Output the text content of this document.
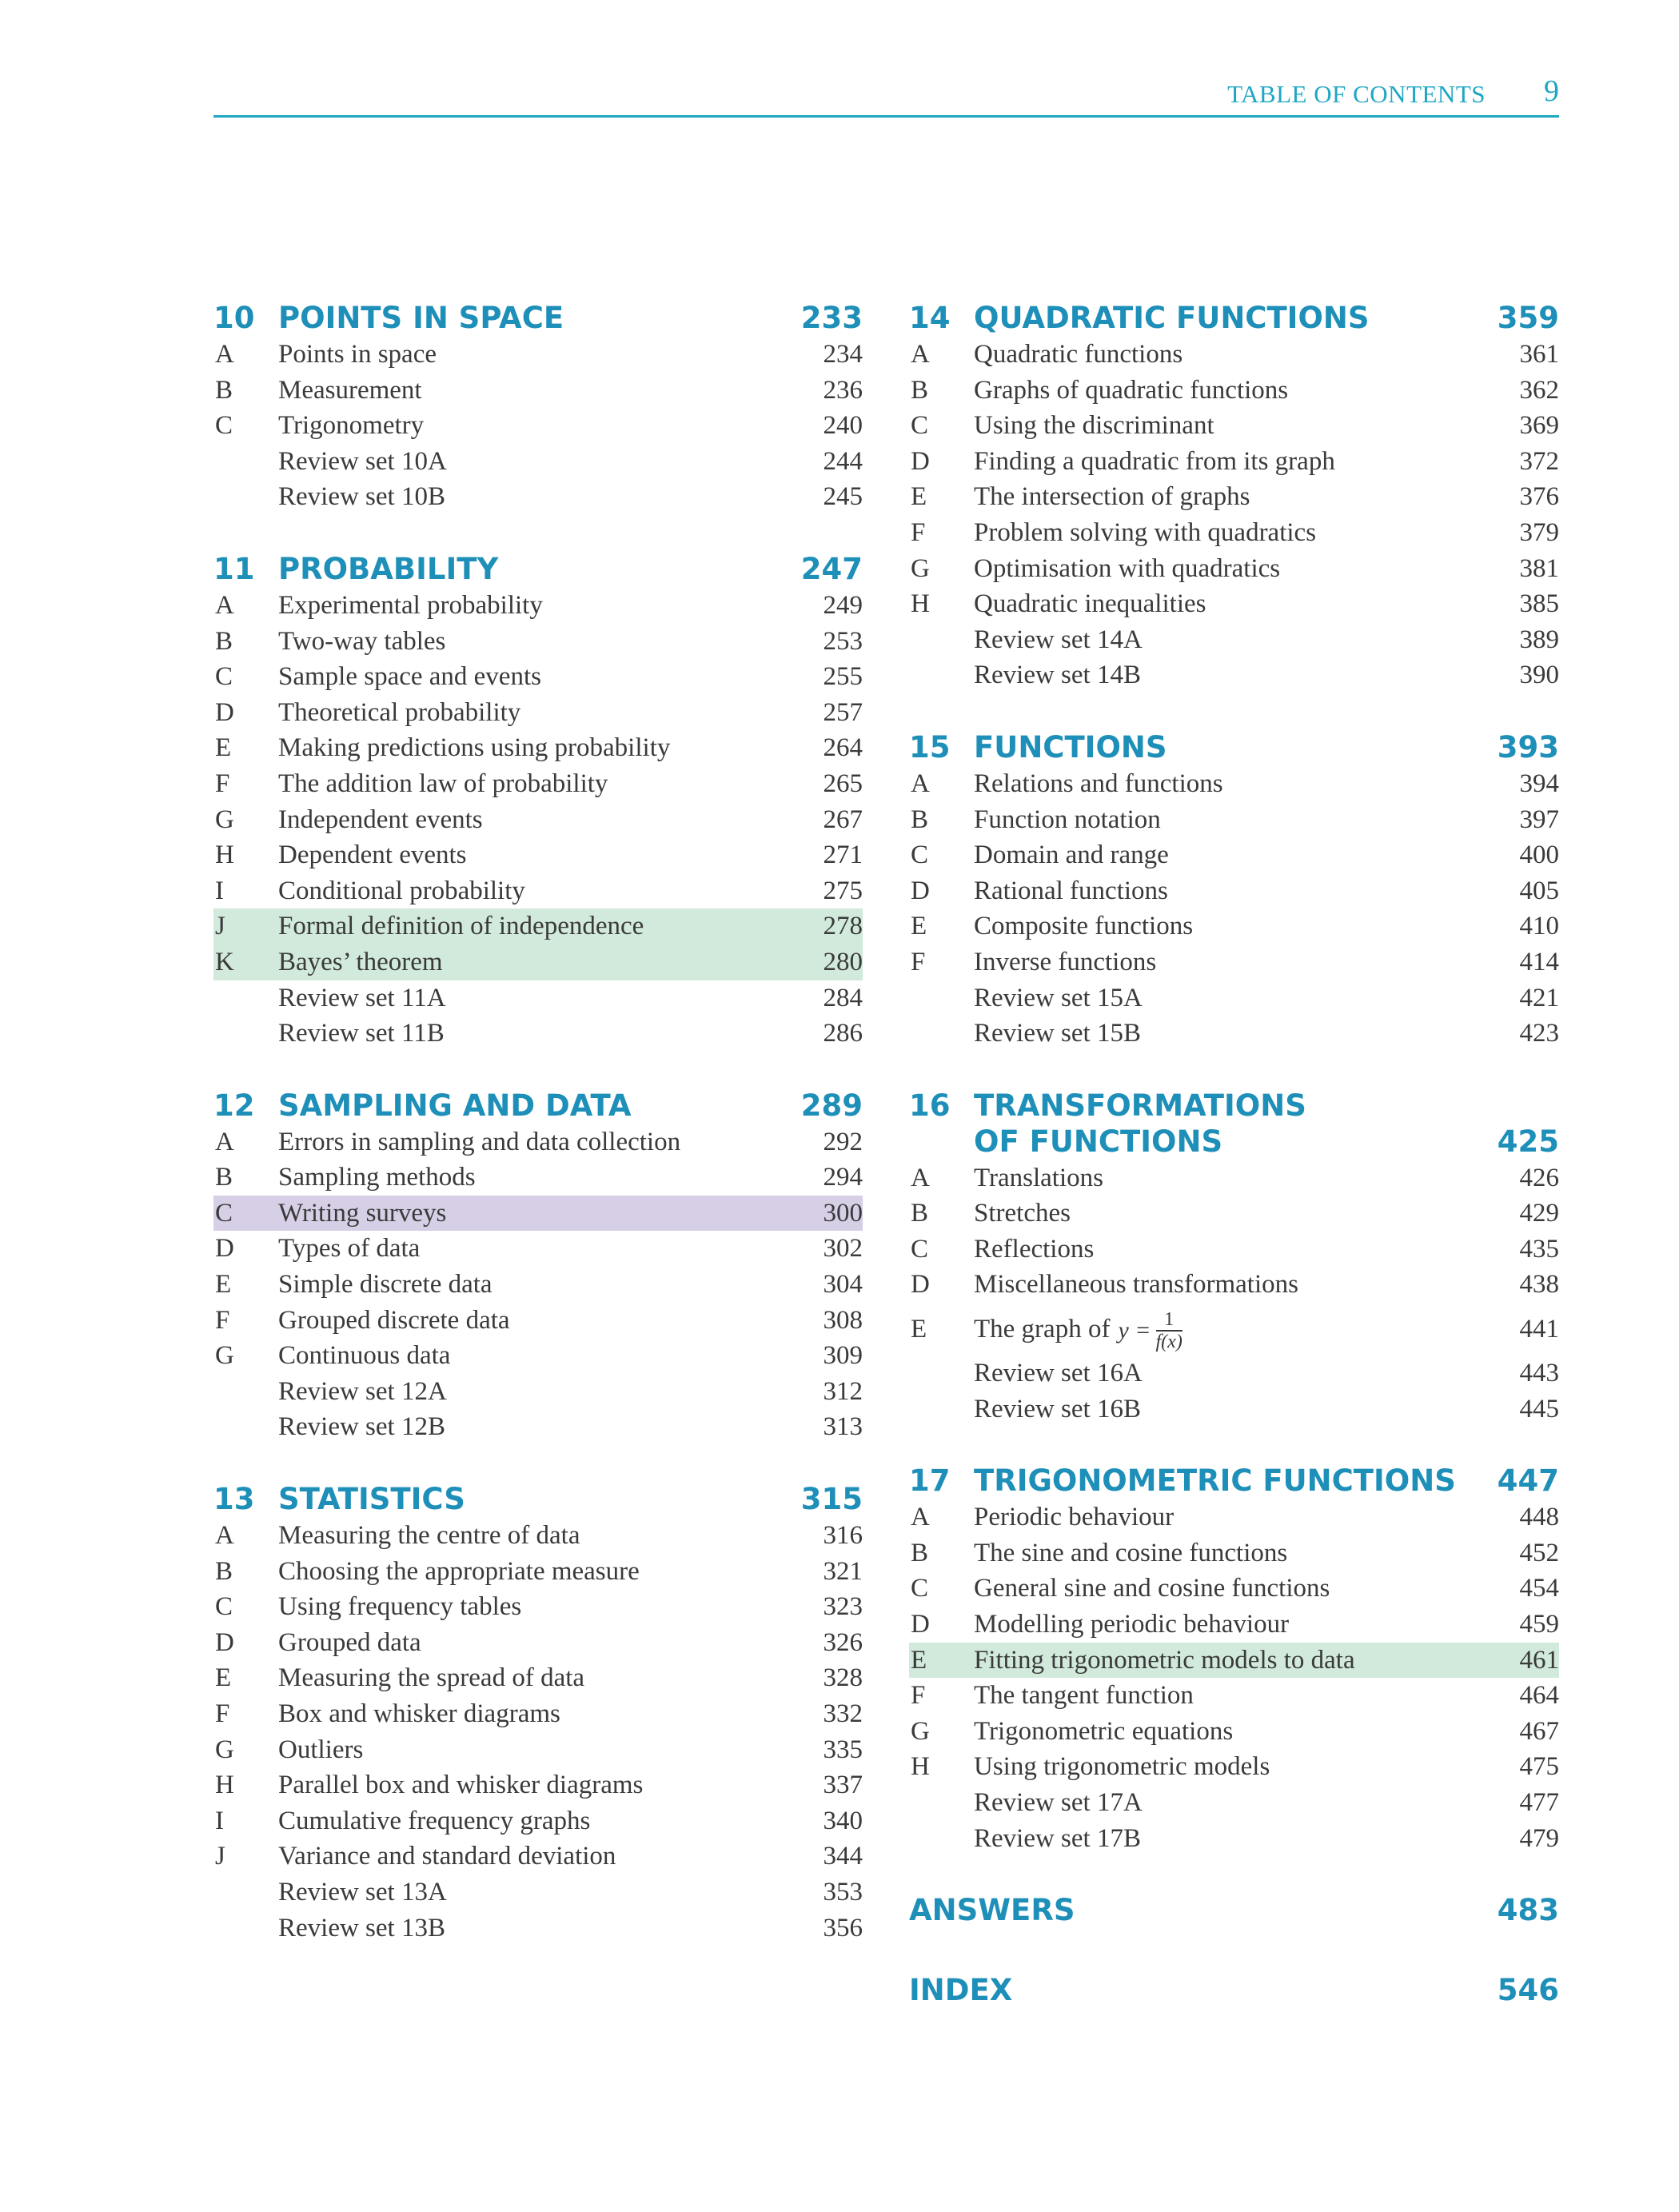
TABLE OF CONTENTS 9
10 POINTS IN SPACE	233
A Points in space	234
B Measurement	236
C Trigonometry	240
Review set 10A	244
Review set 10B	245
11 PROBABILITY	247
A Experimental probability	249
B Two-way tables	253
C Sample space and events	255
D Theoretical probability	257
E Making predictions using probability	264
F The addition law of probability	265
G Independent events	267
H Dependent events	271
I Conditional probability	275
J Formal definition of independence	278
K Bayes’ theorem	280
Review set 11A	284
Review set 11B	286
12 SAMPLING AND DATA	289
A Errors in sampling and data collection	292
B Sampling methods	294
C Writing surveys	300
D Types of data	302
E Simple discrete data	304
F Grouped discrete data	308
G Continuous data	309
Review set 12A	312
Review set 12B	313
13 STATISTICS	315
A Measuring the centre of data	316
B Choosing the appropriate measure	321
C Using frequency tables	323
D Grouped data	326
E Measuring the spread of data	328
F Box and whisker diagrams	332
G Outliers	335
H Parallel box and whisker diagrams	337
I Cumulative frequency graphs	340
J Variance and standard deviation	344
Review set 13A	353
Review set 13B	356
14 QUADRATIC FUNCTIONS	359
A Quadratic functions	361
B Graphs of quadratic functions	362
C Using the discriminant	369
D Finding a quadratic from its graph	372
E The intersection of graphs	376
F Problem solving with quadratics	379
G Optimisation with quadratics	381
H Quadratic inequalities	385
Review set 14A	389
Review set 14B	390
15 FUNCTIONS	393
A Relations and functions	394
B Function notation	397
C Domain and range	400
D Rational functions	405
E Composite functions	410
F Inverse functions	414
Review set 15A	421
Review set 15B	423
16 TRANSFORMATIONS
OF FUNCTIONS	425
A Translations	426
B Stretches	429
C Reflections	435
D Miscellaneous transformations	438
E The graph of $y = \frac{1}{f(x)}$	441
Review set 16A	443
Review set 16B	445
17 TRIGONOMETRIC FUNCTIONS 447
A Periodic behaviour	448
B The sine and cosine functions	452
C General sine and cosine functions	454
D Modelling periodic behaviour	459
E Fitting trigonometric models to data	461
F The tangent function	464
G Trigonometric equations	467
H Using trigonometric models	475
Review set 17A	477
Review set 17B	479
ANSWERS	483
INDEX	546
